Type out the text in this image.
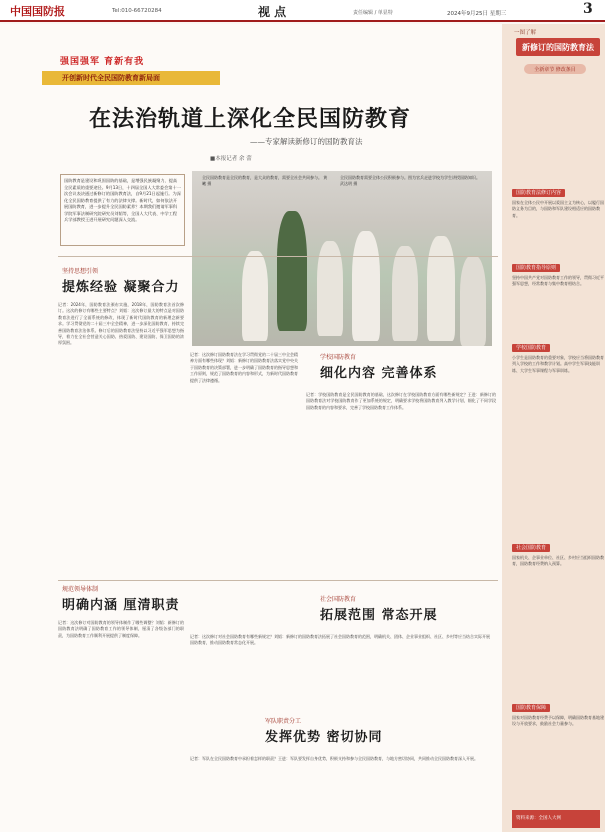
中国国防报	Tel:010-66720284	视 点	责任编辑 / 单显特	2024年9月25日 星期三	3
强国强军 育新有我
开创新时代全民国防教育新局面
在法治轨道上深化全民国防教育
——专家解读新修订的国防教育法
■本报记者 余 蕾
国防教育是建设和巩固国防的基础，是增强民族凝聚力、提高全民素质的重要途径。9月13日，十四届全国人大常委会第十一次会议表决通过新修订的国防教育法，自9月21日起施行。为深化全民国防教育提供了有力的法律支撑。新时代，如何依法开展国防教育，进一步提升全民国防素养？本期我们邀请军事科学院军事法制研究院研究员刘韬等，全国人大代表、中学工程兵学部教授王进开展研究问题深入交流。
全民国防教育是全民的教育，是大众的教育，需要全社会共同参与。 黄 曦 摄
全民国防教育需要全体公民积极参与。图为官兵走进学校为学生讲授国防知识。 武达明 摄
坚持思想引领
提炼经验 凝聚合力
记者：2024年，国防教育法颁布实施，2018年，国防教育法首次修订。这次的修订有哪些主要特点？刘韬：这次修订最大的特点是对国防教育法进行了全面系统的修改，体现了新时代国防教育的新理念新要求。学习贯彻党的二十届三中全会精神，进一步深化国防教育，持续完善国防教育法治体系。修订后的国防教育法坚持以习近平强军思想为指导，着力在全社会营造关心国防、热爱国防、建设国防、保卫国防的浓厚氛围。
记者：这次修订国防教育法在学习贯彻党的二十届三中全会精神方面有哪些体现？刘韬：新修订的国防教育法落实党中央关于国防教育的决策部署，进一步明确了国防教育的指导思想和工作原则，规范了国防教育的内容和形式，为新时代国防教育提供了法律遵循。
学校国防教育
细化内容 完善体系
记者：学校国防教育是全民国防教育的基础，这次修订在学校国防教育方面有哪些新规定？王进：新修订的国防教育法对学校国防教育作了更加系统的规定，明确要求学校将国防教育列入教学计划，细化了不同学段国防教育的内容和要求，完善了学校国防教育工作体系。
规范领导体制
明确内涵 厘清职责
记者：这次修订对国防教育的领导体制作了哪些调整？刘韬：新修订的国防教育法明确了国防教育工作的领导体制，厘清了各级各部门的职责，为国防教育工作顺利开展提供了制度保障。
社会国防教育
拓展范围 常态开展
记者：这次修订对社会国防教育有哪些新规定？刘韬：新修订的国防教育法拓展了社会国防教育的范围，明确机关、团体、企业事业组织、社区、乡村等应当结合实际开展国防教育，推动国防教育常态化开展。
军队职责分工
发挥优势 密切协同
记者：军队在全民国防教育中承担着怎样的职责？王进：军队要发挥自身优势，积极支持和参与全民国防教育，与地方密切协同，共同推动全民国防教育深入开展。
一图了解
新修订的国防教育法
全新章节 修改条目
国防教育法修订内容
国家在全体公民中开展以爱国主义为核心，以履行国防义务为目的，与国防和军队建设相适应的国防教育。
国防教育指导原则
坚持中国共产党对国防教育工作的领导，贯彻习近平强军思想，经常教育与集中教育相结合。
学校国防教育
小学生是国防教育的重要对象，学校应当将国防教育列入学校的工作和教学计划。高中学生军事技能训练、大学生军事课程与军事训练。
社会国防教育
国家机关、企事业单位、社区、乡村应当组织国防教育，国防教育经费纳入预算。
国防教育保障
国家对国防教育经费予以保障，明确国防教育基地建设与开放要求，鼓励社会力量参与。
资料来源：全国人大网
